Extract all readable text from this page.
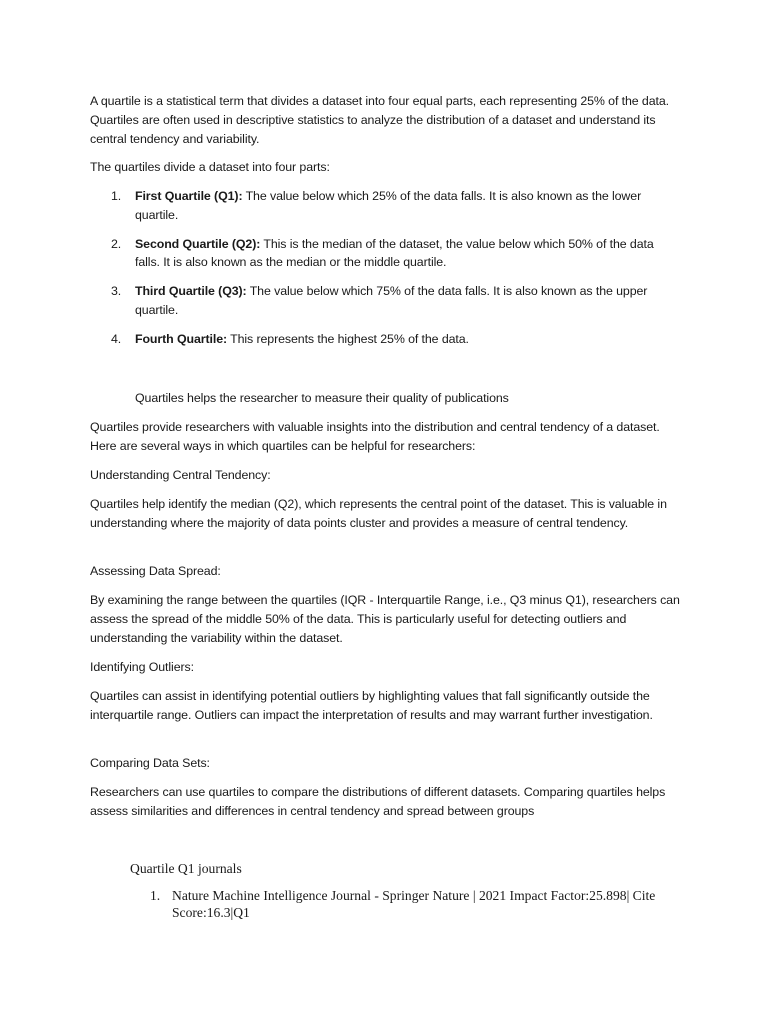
A quartile is a statistical term that divides a dataset into four equal parts, each representing 25% of the data. Quartiles are often used in descriptive statistics to analyze the distribution of a dataset and understand its central tendency and variability.

The quartiles divide a dataset into four parts:

1. First Quartile (Q1): The value below which 25% of the data falls. It is also known as the lower quartile.
2. Second Quartile (Q2): This is the median of the dataset, the value below which 50% of the data falls. It is also known as the median or the middle quartile.
3. Third Quartile (Q3): The value below which 75% of the data falls. It is also known as the upper quartile.
4. Fourth Quartile: This represents the highest 25% of the data.

Quartiles helps the researcher to measure their quality of publications

Quartiles provide researchers with valuable insights into the distribution and central tendency of a dataset. Here are several ways in which quartiles can be helpful for researchers:

Understanding Central Tendency:

Quartiles help identify the median (Q2), which represents the central point of the dataset. This is valuable in understanding where the majority of data points cluster and provides a measure of central tendency.

Assessing Data Spread:

By examining the range between the quartiles (IQR - Interquartile Range, i.e., Q3 minus Q1), researchers can assess the spread of the middle 50% of the data. This is particularly useful for detecting outliers and understanding the variability within the dataset.

Identifying Outliers:

Quartiles can assist in identifying potential outliers by highlighting values that fall significantly outside the interquartile range. Outliers can impact the interpretation of results and may warrant further investigation.

Comparing Data Sets:

Researchers can use quartiles to compare the distributions of different datasets. Comparing quartiles helps assess similarities and differences in central tendency and spread between groups

Quartile Q1 journals

1. Nature Machine Intelligence Journal - Springer Nature | 2021 Impact Factor:25.898| Cite Score:16.3|Q1
